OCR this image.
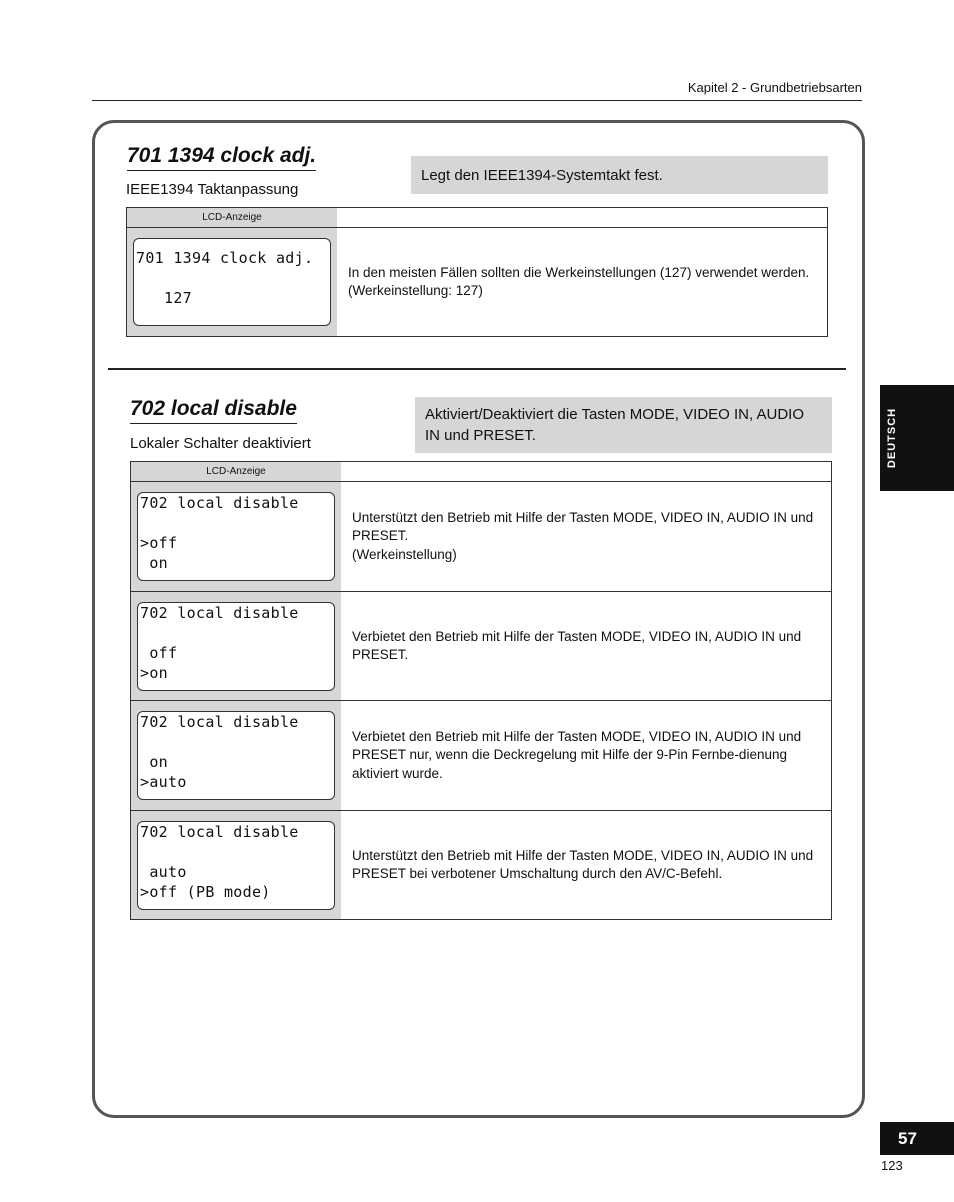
Kapitel 2 - Grundbetriebsarten
701 1394 clock adj.
IEEE1394 Taktanpassung
Legt den IEEE1394-Systemtakt fest.
LCD-Anzeige
701 1394 clock adj.
127
In den meisten Fällen sollten die Werkeinstellungen (127) verwendet werden.
(Werkeinstellung: 127)
702 local disable
Lokaler Schalter deaktiviert
Aktiviert/Deaktiviert die Tasten MODE, VIDEO IN, AUDIO IN und PRESET.
LCD-Anzeige
702 local disable
>off
on
Unterstützt den Betrieb mit Hilfe der Tasten MODE, VIDEO IN, AUDIO IN und PRESET.
(Werkeinstellung)
702 local disable
off
>on
Verbietet den Betrieb mit Hilfe der Tasten MODE, VIDEO IN, AUDIO IN und PRESET.
702 local disable
on
>auto
Verbietet den Betrieb mit Hilfe der Tasten MODE, VIDEO IN, AUDIO IN und PRESET nur, wenn die Deckregelung mit Hilfe der 9-Pin Fernbe-dienung aktiviert wurde.
702 local disable
auto
>off (PB mode)
Unterstützt den Betrieb mit Hilfe der Tasten MODE, VIDEO IN, AUDIO IN und PRESET bei verbotener Umschaltung durch den AV/C-Befehl.
DEUTSCH
57
123
